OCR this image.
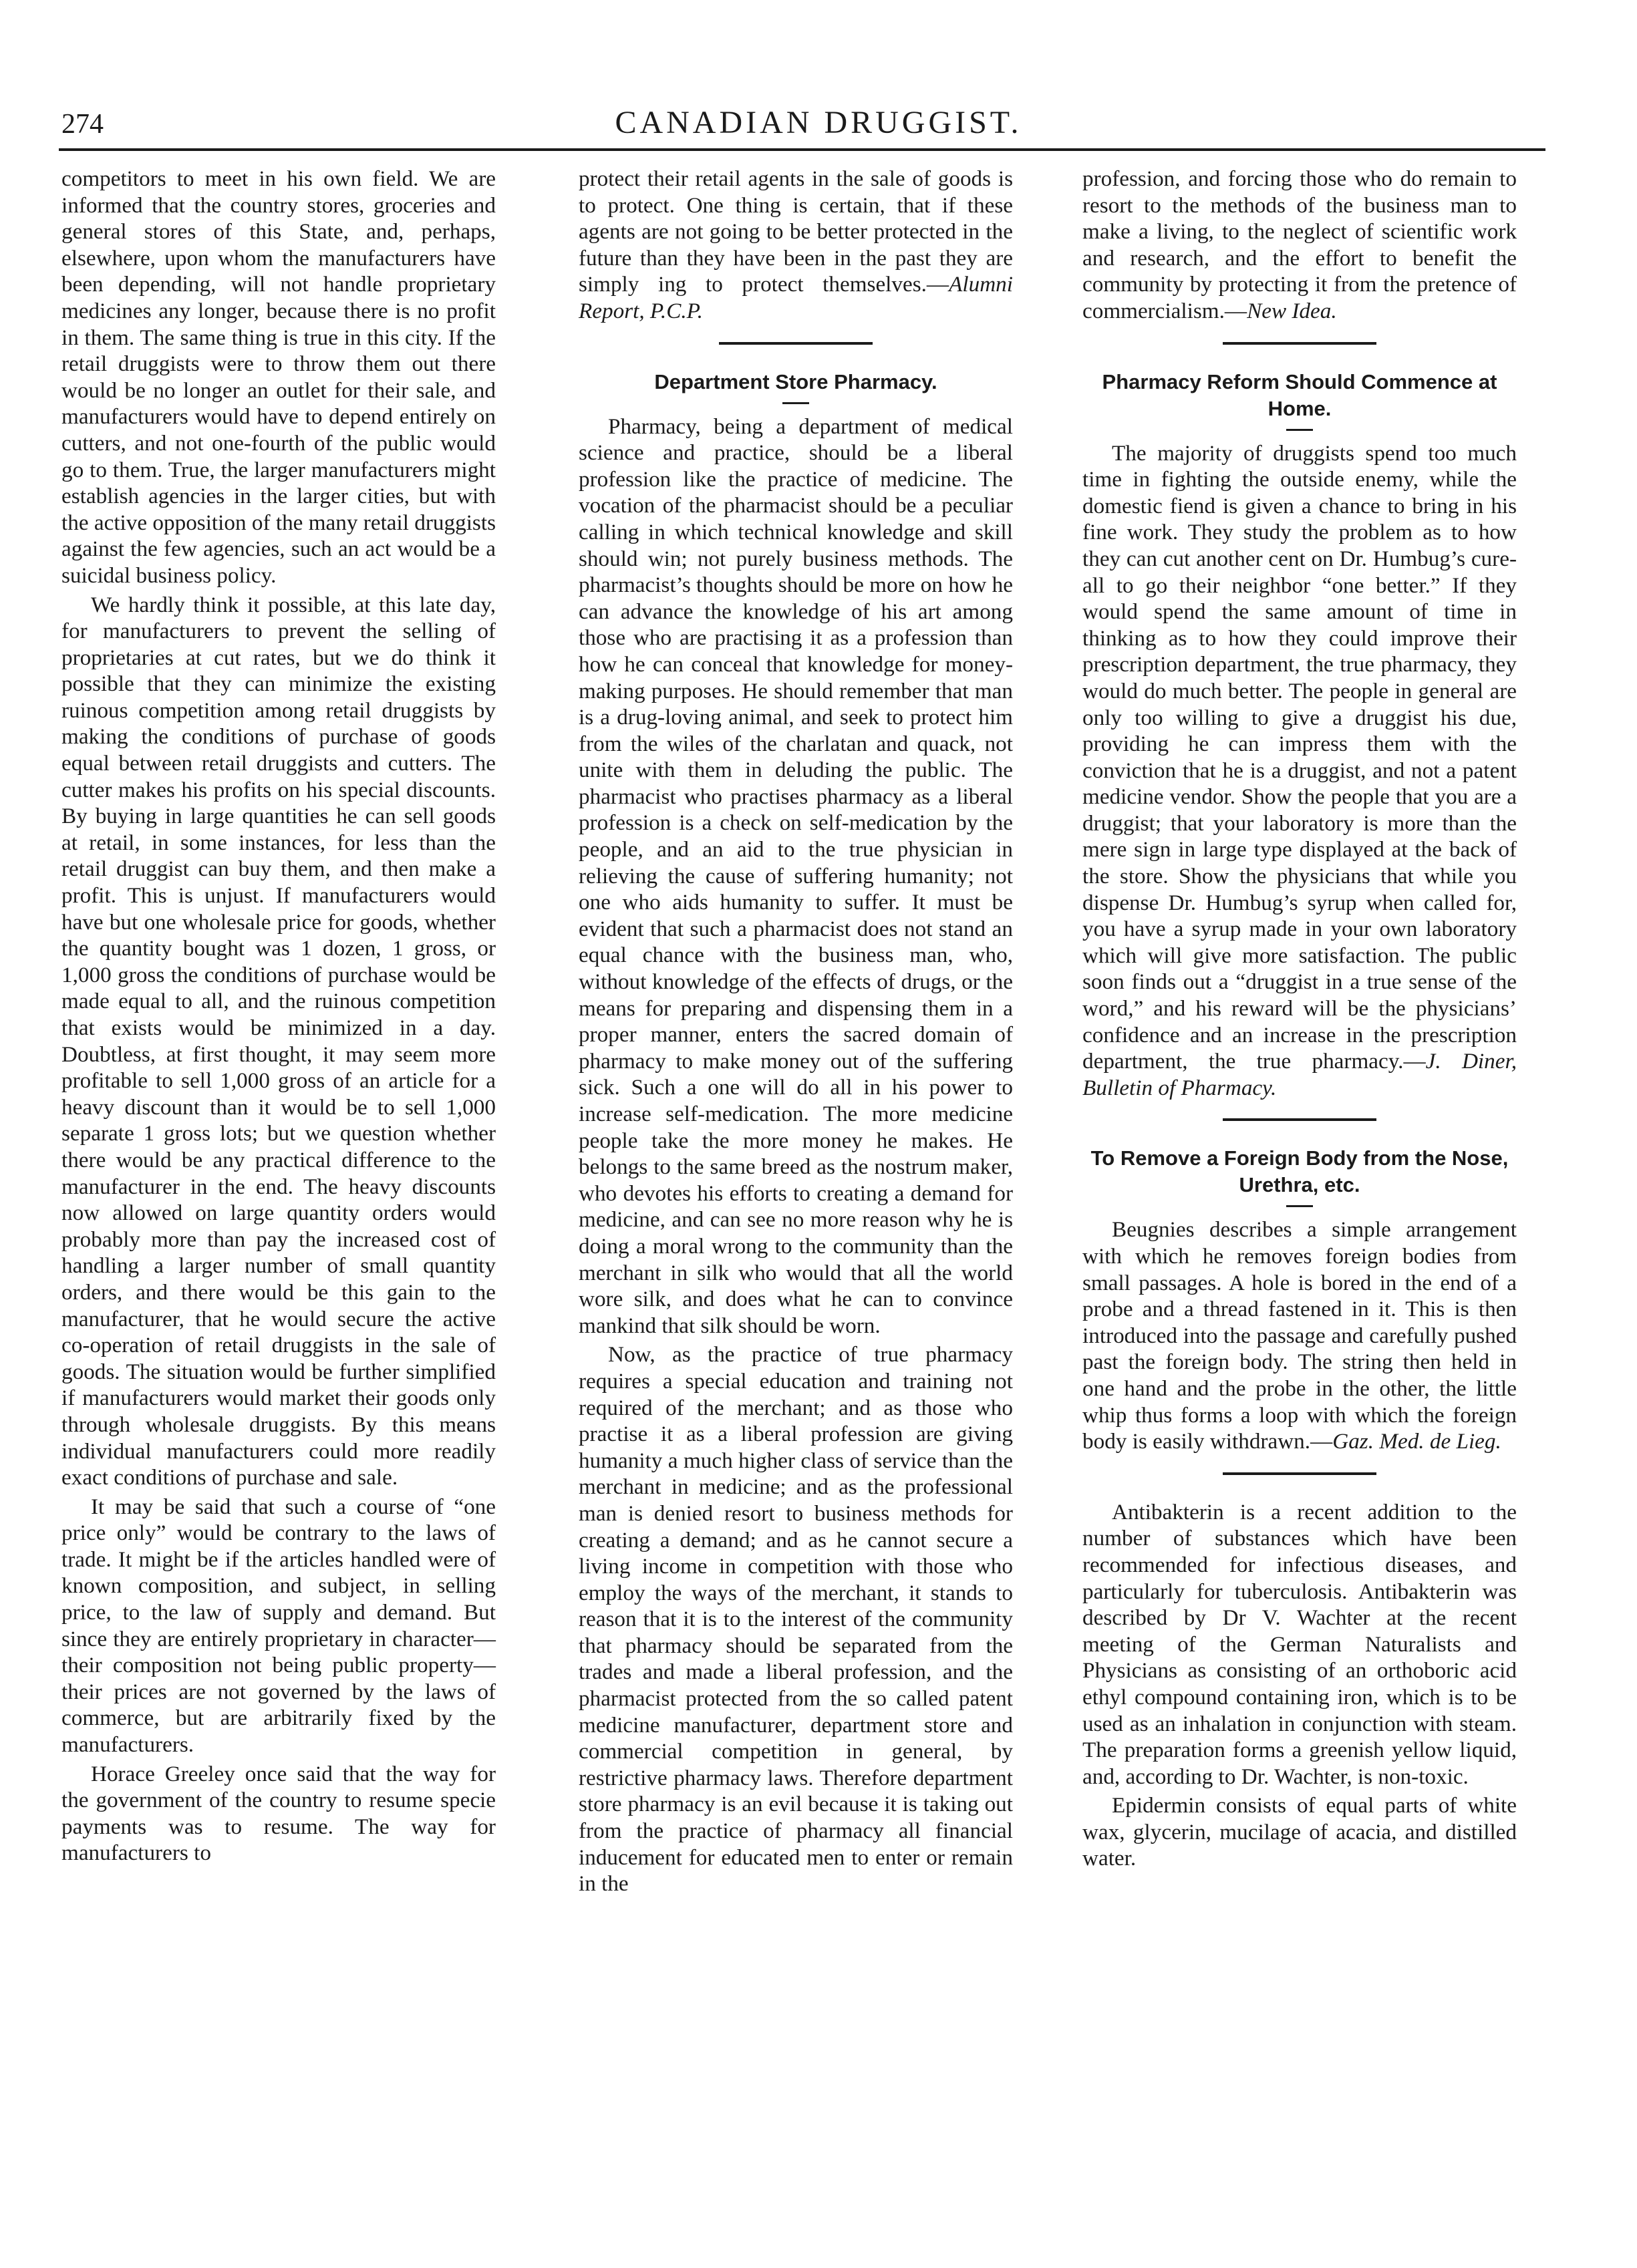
274	CANADIAN DRUGGIST.

competitors to meet in his own field. We are informed that the country stores, groceries and general stores of this State, and, perhaps, elsewhere, upon whom the manufacturers have been depending, will not handle proprietary medicines any longer, because there is no profit in them. The same thing is true in this city. If the retail druggists were to throw them out there would be no longer an outlet for their sale, and manufacturers would have to depend entirely on cutters, and not one-fourth of the public would go to them. True, the larger manufacturers might establish agencies in the larger cities, but with the active opposition of the many retail druggists against the few agencies, such an act would be a suicidal business policy.

We hardly think it possible, at this late day, for manufacturers to prevent the selling of proprietaries at cut rates, but we do think it possible that they can minimize the existing ruinous competition among retail druggists by making the conditions of purchase of goods equal between retail druggists and cutters. The cutter makes his profits on his special discounts. By buying in large quantities he can sell goods at retail, in some instances, for less than the retail druggist can buy them, and then make a profit. This is unjust. If manufacturers would have but one wholesale price for goods, whether the quantity bought was 1 dozen, 1 gross, or 1,000 gross the conditions of purchase would be made equal to all, and the ruinous competition that exists would be minimized in a day. Doubtless, at first thought, it may seem more profitable to sell 1,000 gross of an article for a heavy discount than it would be to sell 1,000 separate 1 gross lots; but we question whether there would be any practical difference to the manufacturer in the end. The heavy discounts now allowed on large quantity orders would probably more than pay the increased cost of handling a larger number of small quantity orders, and there would be this gain to the manufacturer, that he would secure the active co-operation of retail druggists in the sale of goods. The situation would be further simplified if manufacturers would market their goods only through wholesale druggists. By this means individual manufacturers could more readily exact conditions of purchase and sale.

It may be said that such a course of “one price only” would be contrary to the laws of trade. It might be if the articles handled were of known composition, and subject, in selling price, to the law of supply and demand. But since they are entirely proprietary in character—their composition not being public property—their prices are not governed by the laws of commerce, but are arbitrarily fixed by the manufacturers.

Horace Greeley once said that the way for the government of the country to resume specie payments was to resume. The way for manufacturers to

protect their retail agents in the sale of goods is to protect. One thing is certain, that if these agents are not going to be better protected in the future than they have been in the past they are simply ing to protect themselves.—Alumni Report, P.C.P.

Department Store Pharmacy.

Pharmacy, being a department of medical science and practice, should be a liberal profession like the practice of medicine. The vocation of the pharmacist should be a peculiar calling in which technical knowledge and skill should win; not purely business methods. The pharmacist’s thoughts should be more on how he can advance the knowledge of his art among those who are practising it as a profession than how he can conceal that knowledge for money-making purposes. He should remember that man is a drug-loving animal, and seek to protect him from the wiles of the charlatan and quack, not unite with them in deluding the public. The pharmacist who practises pharmacy as a liberal profession is a check on self-medication by the people, and an aid to the true physician in relieving the cause of suffering humanity; not one who aids humanity to suffer. It must be evident that such a pharmacist does not stand an equal chance with the business man, who, without knowledge of the effects of drugs, or the means for preparing and dispensing them in a proper manner, enters the sacred domain of pharmacy to make money out of the suffering sick. Such a one will do all in his power to increase self-medication. The more medicine people take the more money he makes. He belongs to the same breed as the nostrum maker, who devotes his efforts to creating a demand for medicine, and can see no more reason why he is doing a moral wrong to the community than the merchant in silk who would that all the world wore silk, and does what he can to convince mankind that silk should be worn.

Now, as the practice of true pharmacy requires a special education and training not required of the merchant; and as those who practise it as a liberal profession are giving humanity a much higher class of service than the merchant in medicine; and as the professional man is denied resort to business methods for creating a demand; and as he cannot secure a living income in competition with those who employ the ways of the merchant, it stands to reason that it is to the interest of the community that pharmacy should be separated from the trades and made a liberal profession, and the pharmacist protected from the so called patent medicine manufacturer, department store and commercial competition in general, by restrictive pharmacy laws. Therefore department store pharmacy is an evil because it is taking out from the practice of pharmacy all financial inducement for educated men to enter or remain in the

profession, and forcing those who do remain to resort to the methods of the business man to make a living, to the neglect of scientific work and research, and the effort to benefit the community by protecting it from the pretence of commercialism.—New Idea.

Pharmacy Reform Should Commence at Home.

The majority of druggists spend too much time in fighting the outside enemy, while the domestic fiend is given a chance to bring in his fine work. They study the problem as to how they can cut another cent on Dr. Humbug’s cure-all to go their neighbor “one better.” If they would spend the same amount of time in thinking as to how they could improve their prescription department, the true pharmacy, they would do much better. The people in general are only too willing to give a druggist his due, providing he can impress them with the conviction that he is a druggist, and not a patent medicine vendor. Show the people that you are a druggist; that your laboratory is more than the mere sign in large type displayed at the back of the store. Show the physicians that while you dispense Dr. Humbug’s syrup when called for, you have a syrup made in your own laboratory which will give more satisfaction. The public soon finds out a “druggist in a true sense of the word,” and his reward will be the physicians’ confidence and an increase in the prescription department, the true pharmacy.—J. Diner, Bulletin of Pharmacy.

To Remove a Foreign Body from the Nose, Urethra, etc.

Beugnies describes a simple arrangement with which he removes foreign bodies from small passages. A hole is bored in the end of a probe and a thread fastened in it. This is then introduced into the passage and carefully pushed past the foreign body. The string then held in one hand and the probe in the other, the little whip thus forms a loop with which the foreign body is easily withdrawn.—Gaz. Med. de Lieg.

Antibakterin is a recent addition to the number of substances which have been recommended for infectious diseases, and particularly for tuberculosis. Antibakterin was described by Dr V. Wachter at the recent meeting of the German Naturalists and Physicians as consisting of an orthoboric acid ethyl compound containing iron, which is to be used as an inhalation in conjunction with steam. The preparation forms a greenish yellow liquid, and, according to Dr. Wachter, is non-toxic.

Epidermin consists of equal parts of white wax, glycerin, mucilage of acacia, and distilled water.
